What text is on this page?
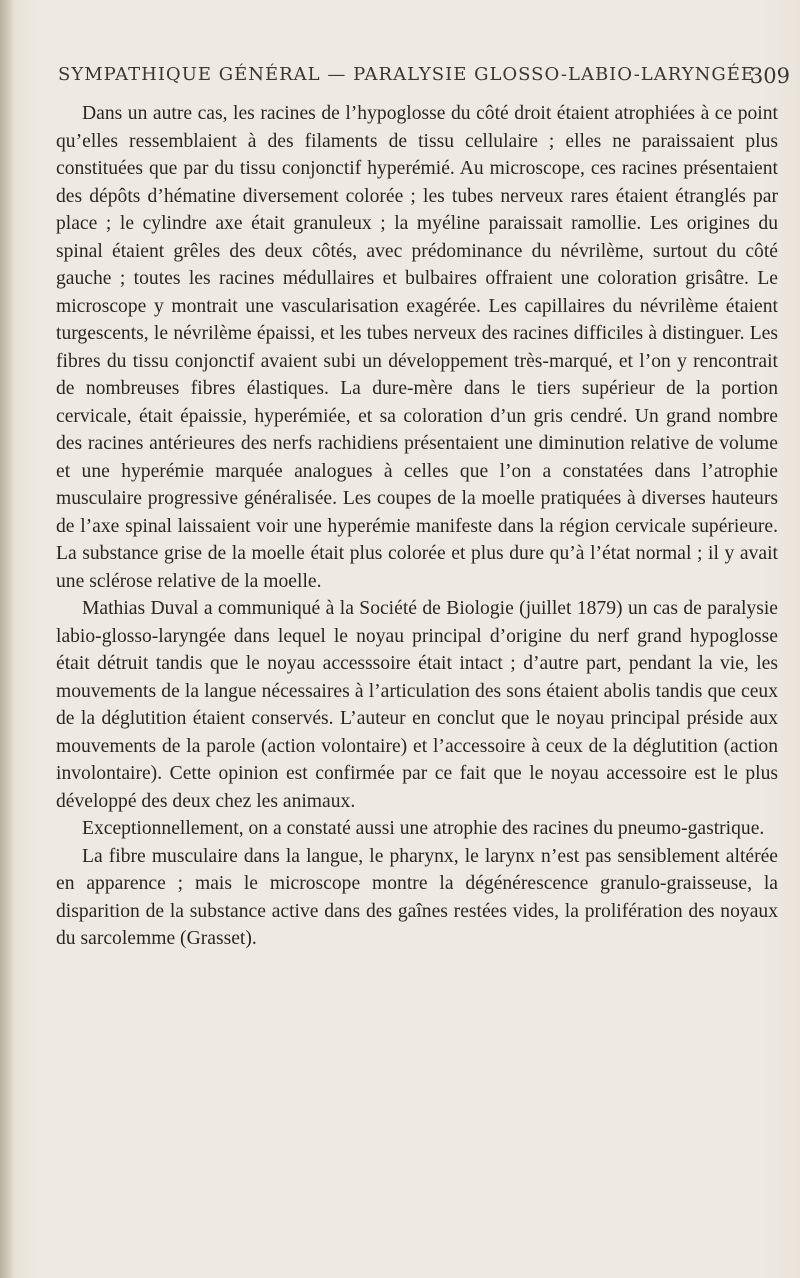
SYMPATHIQUE GÉNÉRAL — PARALYSIE GLOSSO-LABIO-LARYNGÉE
309

Dans un autre cas, les racines de l’hypoglosse du côté droit étaient atrophiées à ce point qu’elles ressemblaient à des filaments de tissu cellulaire ; elles ne paraissaient plus constituées que par du tissu conjonctif hyperémié. Au microscope, ces racines présentaient des dépôts d’hématine diversement colorée ; les tubes nerveux rares étaient étranglés par place ; le cylindre axe était granuleux ; la myéline paraissait ramollie. Les origines du spinal étaient grêles des deux côtés, avec prédominance du névrilème, surtout du côté gauche ; toutes les racines médullaires et bulbaires offraient une coloration grisâtre. Le microscope y montrait une vascularisation exagérée. Les capillaires du névrilème étaient turgescents, le névrilème épaissi, et les tubes nerveux des racines difficiles à distinguer. Les fibres du tissu conjonctif avaient subi un développement très-marqué, et l’on y rencontrait de nombreuses fibres élastiques. La dure-mère dans le tiers supérieur de la portion cervicale, était épaissie, hyperémiée, et sa coloration d’un gris cendré. Un grand nombre des racines antérieures des nerfs rachidiens présentaient une diminution relative de volume et une hyperémie marquée analogues à celles que l’on a constatées dans l’atrophie musculaire progressive généralisée. Les coupes de la moelle pratiquées à diverses hauteurs de l’axe spinal laissaient voir une hyperémie manifeste dans la région cervicale supérieure. La substance grise de la moelle était plus colorée et plus dure qu’à l’état normal ; il y avait une sclérose relative de la moelle.

Mathias Duval a communiqué à la Société de Biologie (juillet 1879) un cas de paralysie labio-glosso-laryngée dans lequel le noyau principal d’origine du nerf grand hypoglosse était détruit tandis que le noyau accesssoire était intact ; d’autre part, pendant la vie, les mouvements de la langue nécessaires à l’articulation des sons étaient abolis tandis que ceux de la déglutition étaient conservés. L’auteur en conclut que le noyau principal préside aux mouvements de la parole (action volontaire) et l’accessoire à ceux de la déglutition (action involontaire). Cette opinion est confirmée par ce fait que le noyau accessoire est le plus développé des deux chez les animaux.

Exceptionnellement, on a constaté aussi une atrophie des racines du pneumo-gastrique.

La fibre musculaire dans la langue, le pharynx, le larynx n’est pas sensiblement altérée en apparence ; mais le microscope montre la dégénérescence granulo-graisseuse, la disparition de la substance active dans des gaînes restées vides, la prolifération des noyaux du sarcolemme (Grasset).
